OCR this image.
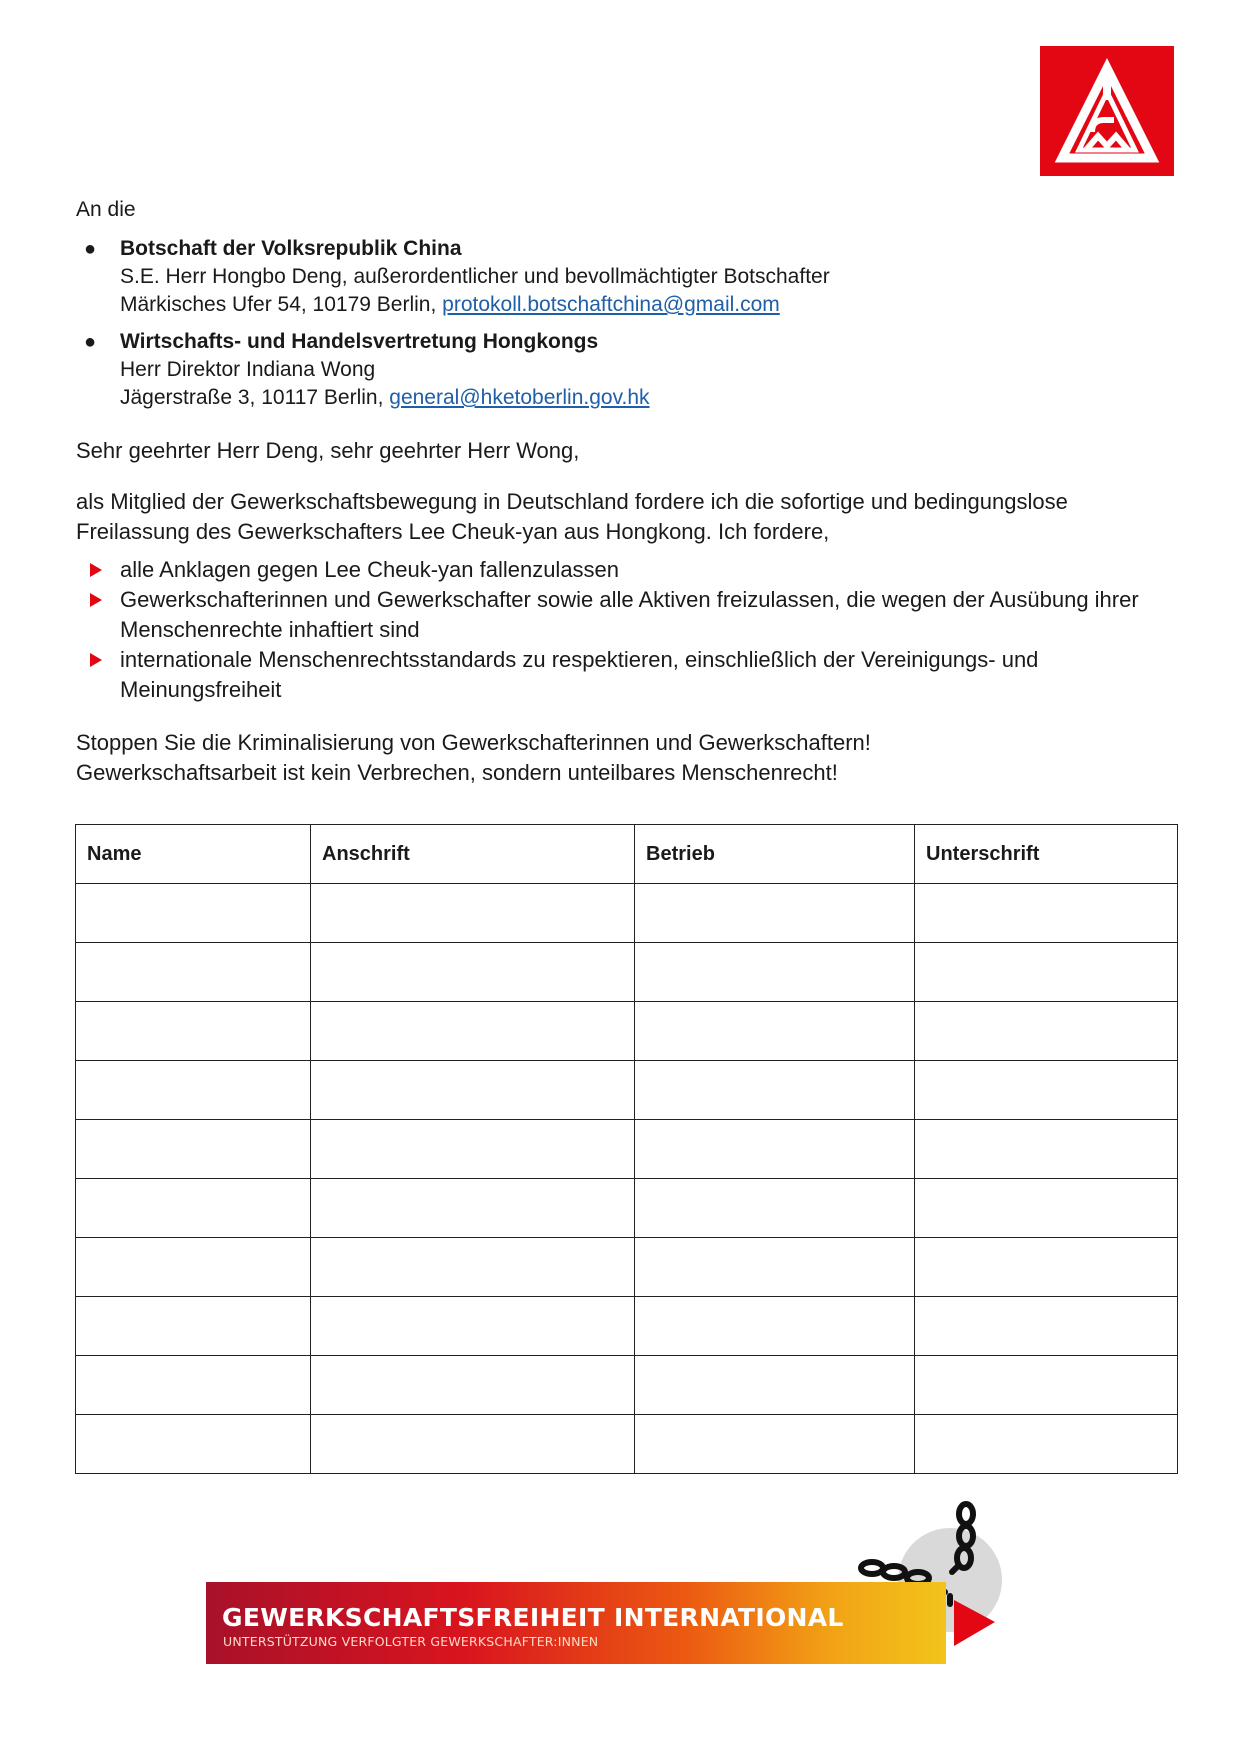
An die
● Botschaft der Volksrepublik China
S.E. Herr Hongbo Deng, außerordentlicher und bevollmächtigter Botschafter
Märkisches Ufer 54, 10179 Berlin, protokoll.botschaftchina@gmail.com
● Wirtschafts- und Handelsvertretung Hongkongs
Herr Direktor Indiana Wong
Jägerstraße 3, 10117 Berlin, general@hketoberlin.gov.hk
Sehr geehrter Herr Deng, sehr geehrter Herr Wong,
als Mitglied der Gewerkschaftsbewegung in Deutschland fordere ich die sofortige und bedingungslose Freilassung des Gewerkschafters Lee Cheuk-yan aus Hongkong. Ich fordere,
alle Anklagen gegen Lee Cheuk-yan fallenzulassen
Gewerkschafterinnen und Gewerkschafter sowie alle Aktiven freizulassen, die wegen der Ausübung ihrer Menschenrechte inhaftiert sind
internationale Menschenrechtsstandards zu respektieren, einschließlich der Vereinigungs- und Meinungsfreiheit
Stoppen Sie die Kriminalisierung von Gewerkschafterinnen und Gewerkschaftern!
Gewerkschaftsarbeit ist kein Verbrechen, sondern unteilbares Menschenrecht!
Name	Anschrift	Betrieb	Unterschrift

GEWERKSCHAFTSFREIHEIT INTERNATIONAL
UNTERSTÜTZUNG VERFOLGTER GEWERKSCHAFTER:INNEN
